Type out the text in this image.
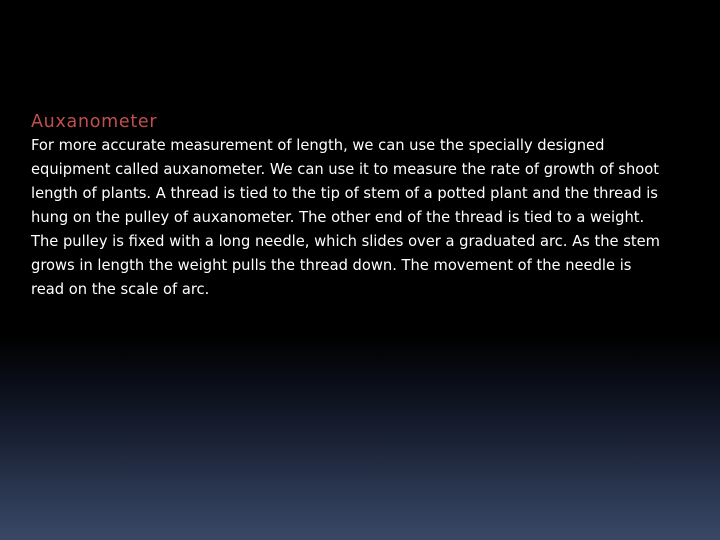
Auxanometer

For more accurate measurement of length, we can use the specially designed equipment called auxanometer. We can use it to measure the rate of growth of shoot length of plants. A thread is tied to the tip of stem of a potted plant and the thread is hung on the pulley of auxanometer. The other end of the thread is tied to a weight. The pulley is fixed with a long needle, which slides over a graduated arc. As the stem grows in length the weight pulls the thread down. The movement of the needle is read on the scale of arc.
